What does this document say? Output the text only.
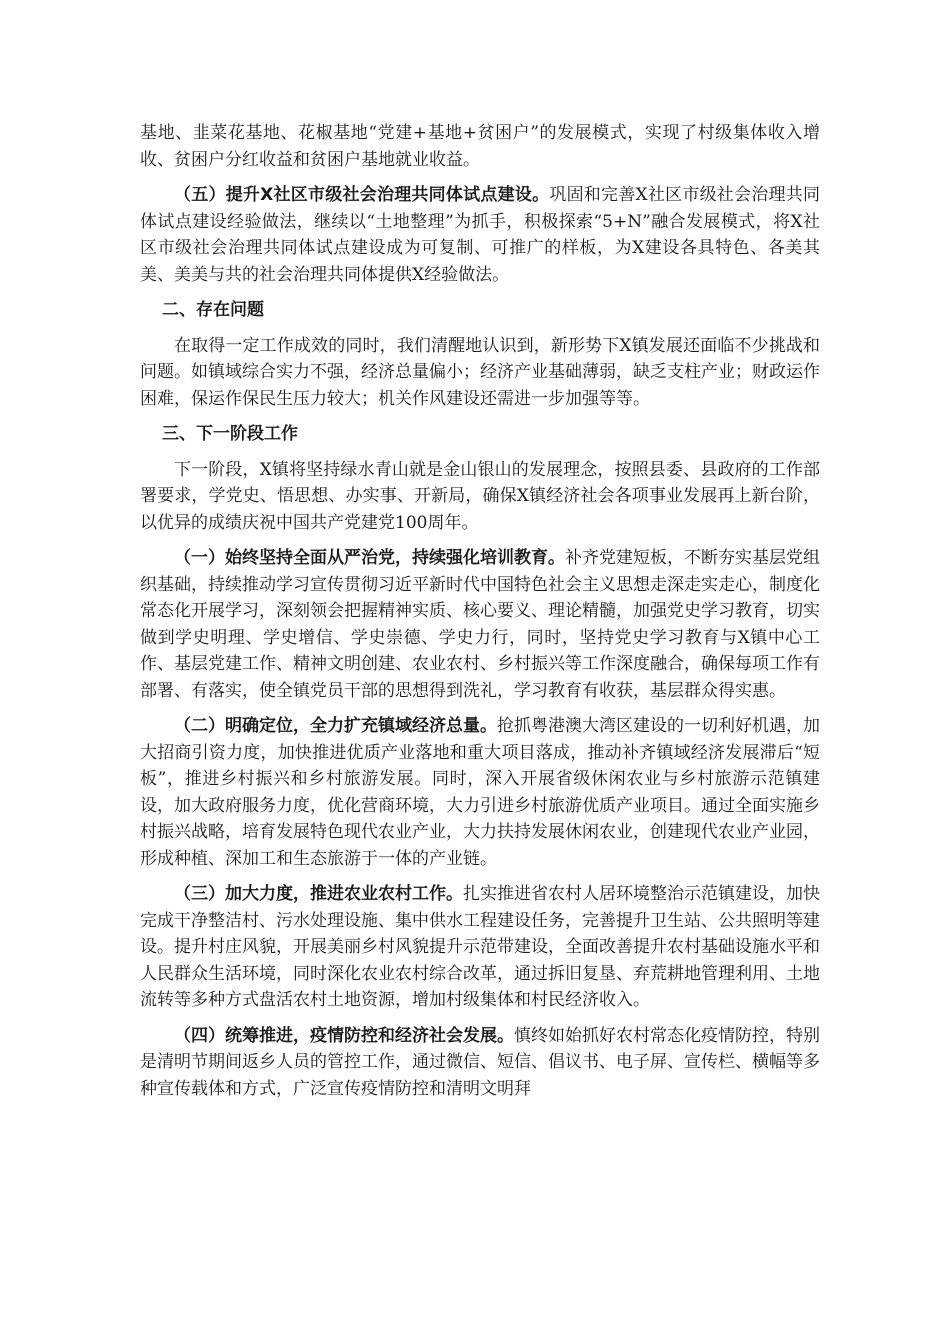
基地、韭菜花基地、花椒基地“党建+基地+贫困户”的发展模式，实现了村级集体收入增收、贫困户分红收益和贫困户基地就业收益。

（五）提升X社区市级社会治理共同体试点建设。巩固和完善X社区市级社会治理共同体试点建设经验做法，继续以“土地整理”为抓手，积极探索“5+N”融合发展模式，将X社区市级社会治理共同体试点建设成为可复制、可推广的样板，为X建设各具特色、各美其美、美美与共的社会治理共同体提供X经验做法。

二、存在问题

在取得一定工作成效的同时，我们清醒地认识到，新形势下X镇发展还面临不少挑战和问题。如镇域综合实力不强，经济总量偏小；经济产业基础薄弱，缺乏支柱产业；财政运作困难，保运作保民生压力较大；机关作风建设还需进一步加强等等。

三、下一阶段工作

下一阶段，X镇将坚持绿水青山就是金山银山的发展理念，按照县委、县政府的工作部署要求，学党史、悟思想、办实事、开新局，确保X镇经济社会各项事业发展再上新台阶，以优异的成绩庆祝中国共产党建党100周年。

（一）始终坚持全面从严治党，持续强化培训教育。补齐党建短板，不断夯实基层党组织基础，持续推动学习宣传贯彻习近平新时代中国特色社会主义思想走深走实走心，制度化常态化开展学习，深刻领会把握精神实质、核心要义、理论精髓，加强党史学习教育，切实做到学史明理、学史增信、学史崇德、学史力行，同时，坚持党史学习教育与X镇中心工作、基层党建工作、精神文明创建、农业农村、乡村振兴等工作深度融合，确保每项工作有部署、有落实，使全镇党员干部的思想得到洗礼，学习教育有收获，基层群众得实惠。

（二）明确定位，全力扩充镇域经济总量。抢抓粤港澳大湾区建设的一切利好机遇，加大招商引资力度，加快推进优质产业落地和重大项目落成，推动补齐镇域经济发展滞后“短板”，推进乡村振兴和乡村旅游发展。同时，深入开展省级休闲农业与乡村旅游示范镇建设，加大政府服务力度，优化营商环境，大力引进乡村旅游优质产业项目。通过全面实施乡村振兴战略，培育发展特色现代农业产业，大力扶持发展休闲农业，创建现代农业产业园，形成种植、深加工和生态旅游于一体的产业链。

（三）加大力度，推进农业农村工作。扎实推进省农村人居环境整治示范镇建设，加快完成干净整洁村、污水处理设施、集中供水工程建设任务，完善提升卫生站、公共照明等建设。提升村庄风貌，开展美丽乡村风貌提升示范带建设，全面改善提升农村基础设施水平和人民群众生活环境，同时深化农业农村综合改革，通过拆旧复垦、弃荒耕地管理利用、土地流转等多种方式盘活农村土地资源，增加村级集体和村民经济收入。

（四）统筹推进，疫情防控和经济社会发展。慎终如始抓好农村常态化疫情防控，特别是清明节期间返乡人员的管控工作，通过微信、短信、倡议书、电子屏、宣传栏、横幅等多种宣传载体和方式，广泛宣传疫情防控和清明文明拜
